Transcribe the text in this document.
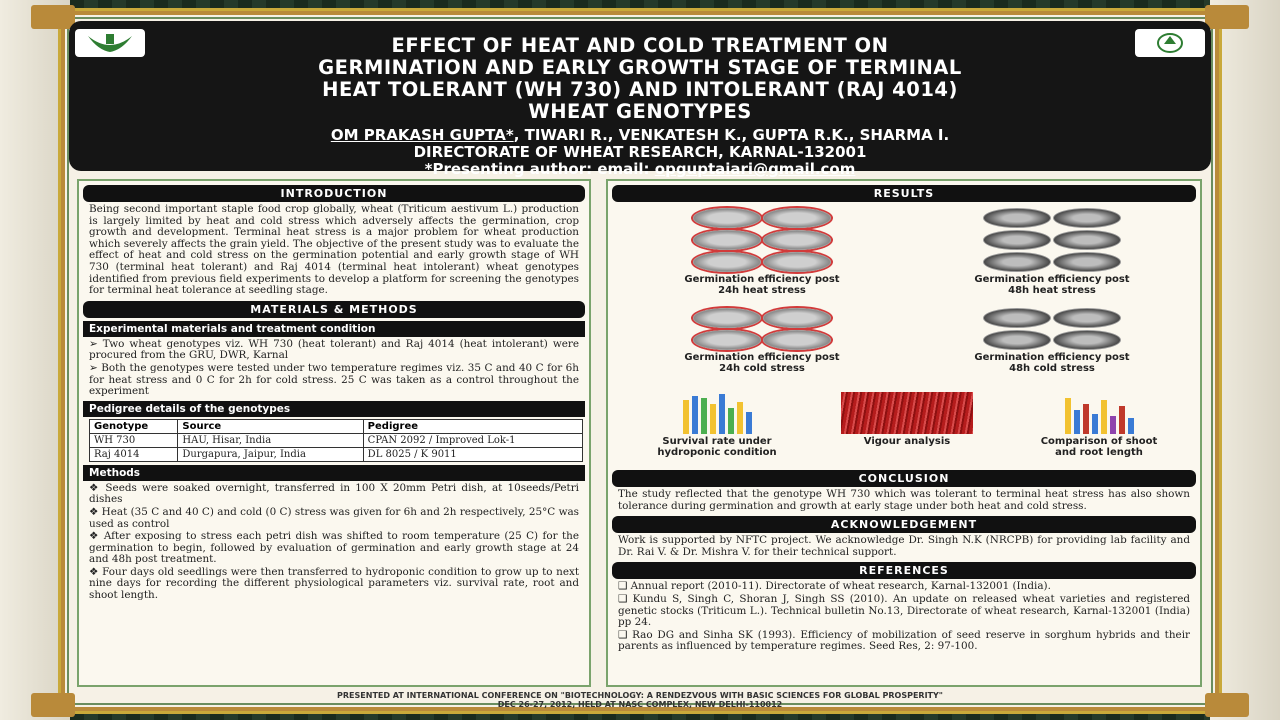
EFFECT OF HEAT AND COLD TREATMENT ON
GERMINATION AND EARLY GROWTH STAGE OF TERMINAL
HEAT TOLERANT (WH 730) AND INTOLERANT (RAJ 4014)
WHEAT GENOTYPES
OM PRAKASH GUPTA*, TIWARI R., VENKATESH K., GUPTA R.K., SHARMA I.
DIRECTORATE OF WHEAT RESEARCH, KARNAL-132001
*Presenting author: email: opguptaiari@gmail.com
INTRODUCTION
Being second important staple food crop globally, wheat (Triticum aestivum L.) production is largely limited by heat and cold stress which adversely affects the germination, crop growth and development. Terminal heat stress is a major problem for wheat production which severely affects the grain yield. The objective of the present study was to evaluate the effect of heat and cold stress on the germination potential and early growth stage of WH 730 (terminal heat tolerant) and Raj 4014 (terminal heat intolerant) wheat genotypes identified from previous field experiments to develop a platform for screening the genotypes for terminal heat tolerance at seedling stage.
MATERIALS & METHODS
Experimental materials and treatment condition

➢ Two wheat genotypes viz. WH 730 (heat tolerant) and Raj 4014 (heat intolerant) were procured from the GRU, DWR, Karnal

➢ Both the genotypes were tested under two temperature regimes viz. 35 C and 40 C for 6h for heat stress and 0 C for 2h for cold stress. 25 C was taken as a control throughout the experiment

Pedigree details of the genotypes
Genotype	Source	Pedigree
WH 730	HAU, Hisar, India	CPAN 2092 / Improved Lok-1
Raj 4014	Durgapura, Jaipur, India	DL 8025 / K 9011
Methods

❖ Seeds were soaked overnight, transferred in 100 X 20mm Petri dish, at 10seeds/Petri dishes

❖ Heat (35 C and 40 C) and cold (0 C) stress was given for 6h and 2h respectively, 25°C was used as control

❖ After exposing to stress each petri dish was shifted to room temperature (25 C) for the germination to begin, followed by evaluation of germination and early growth stage at 24 and 48h post treatment.

❖ Four days old seedlings were then transferred to hydroponic condition to grow up to next nine days for recording the different physiological parameters viz. survival rate, root and shoot length.

RESULTS
Germination efficiency post
24h heat stress
Germination efficiency post
48h heat stress
Germination efficiency post
24h cold stress
Germination efficiency post
48h cold stress
Survival rate under
hydroponic condition
Vigour analysis	Comparison of shoot
and root length
CONCLUSION
The study reflected that the genotype WH 730 which was tolerant to terminal heat stress has also shown tolerance during germination and growth at early stage under both heat and cold stress.
ACKNOWLEDGEMENT
Work is supported by NFTC project. We acknowledge Dr. Singh N.K (NRCPB) for providing lab facility and Dr. Rai V. & Dr. Mishra V. for their technical support.
REFERENCES

❑ Annual report (2010-11). Directorate of wheat research, Karnal-132001 (India).

❑ Kundu S, Singh C, Shoran J, Singh SS (2010). An update on released wheat varieties and registered genetic stocks (Triticum L.). Technical bulletin No.13, Directorate of wheat research, Karnal-132001 (India) pp 24.

❑ Rao DG and Sinha SK (1993). Efficiency of mobilization of seed reserve in sorghum hybrids and their parents as influenced by temperature regimes. Seed Res, 2: 97-100.

PRESENTED AT INTERNATIONAL CONFERENCE ON "BIOTECHNOLOGY: A RENDEZVOUS WITH BASIC SCIENCES FOR GLOBAL PROSPERITY"
DEC 26-27, 2012, HELD AT NASC COMPLEX, NEW DELHI-110012
